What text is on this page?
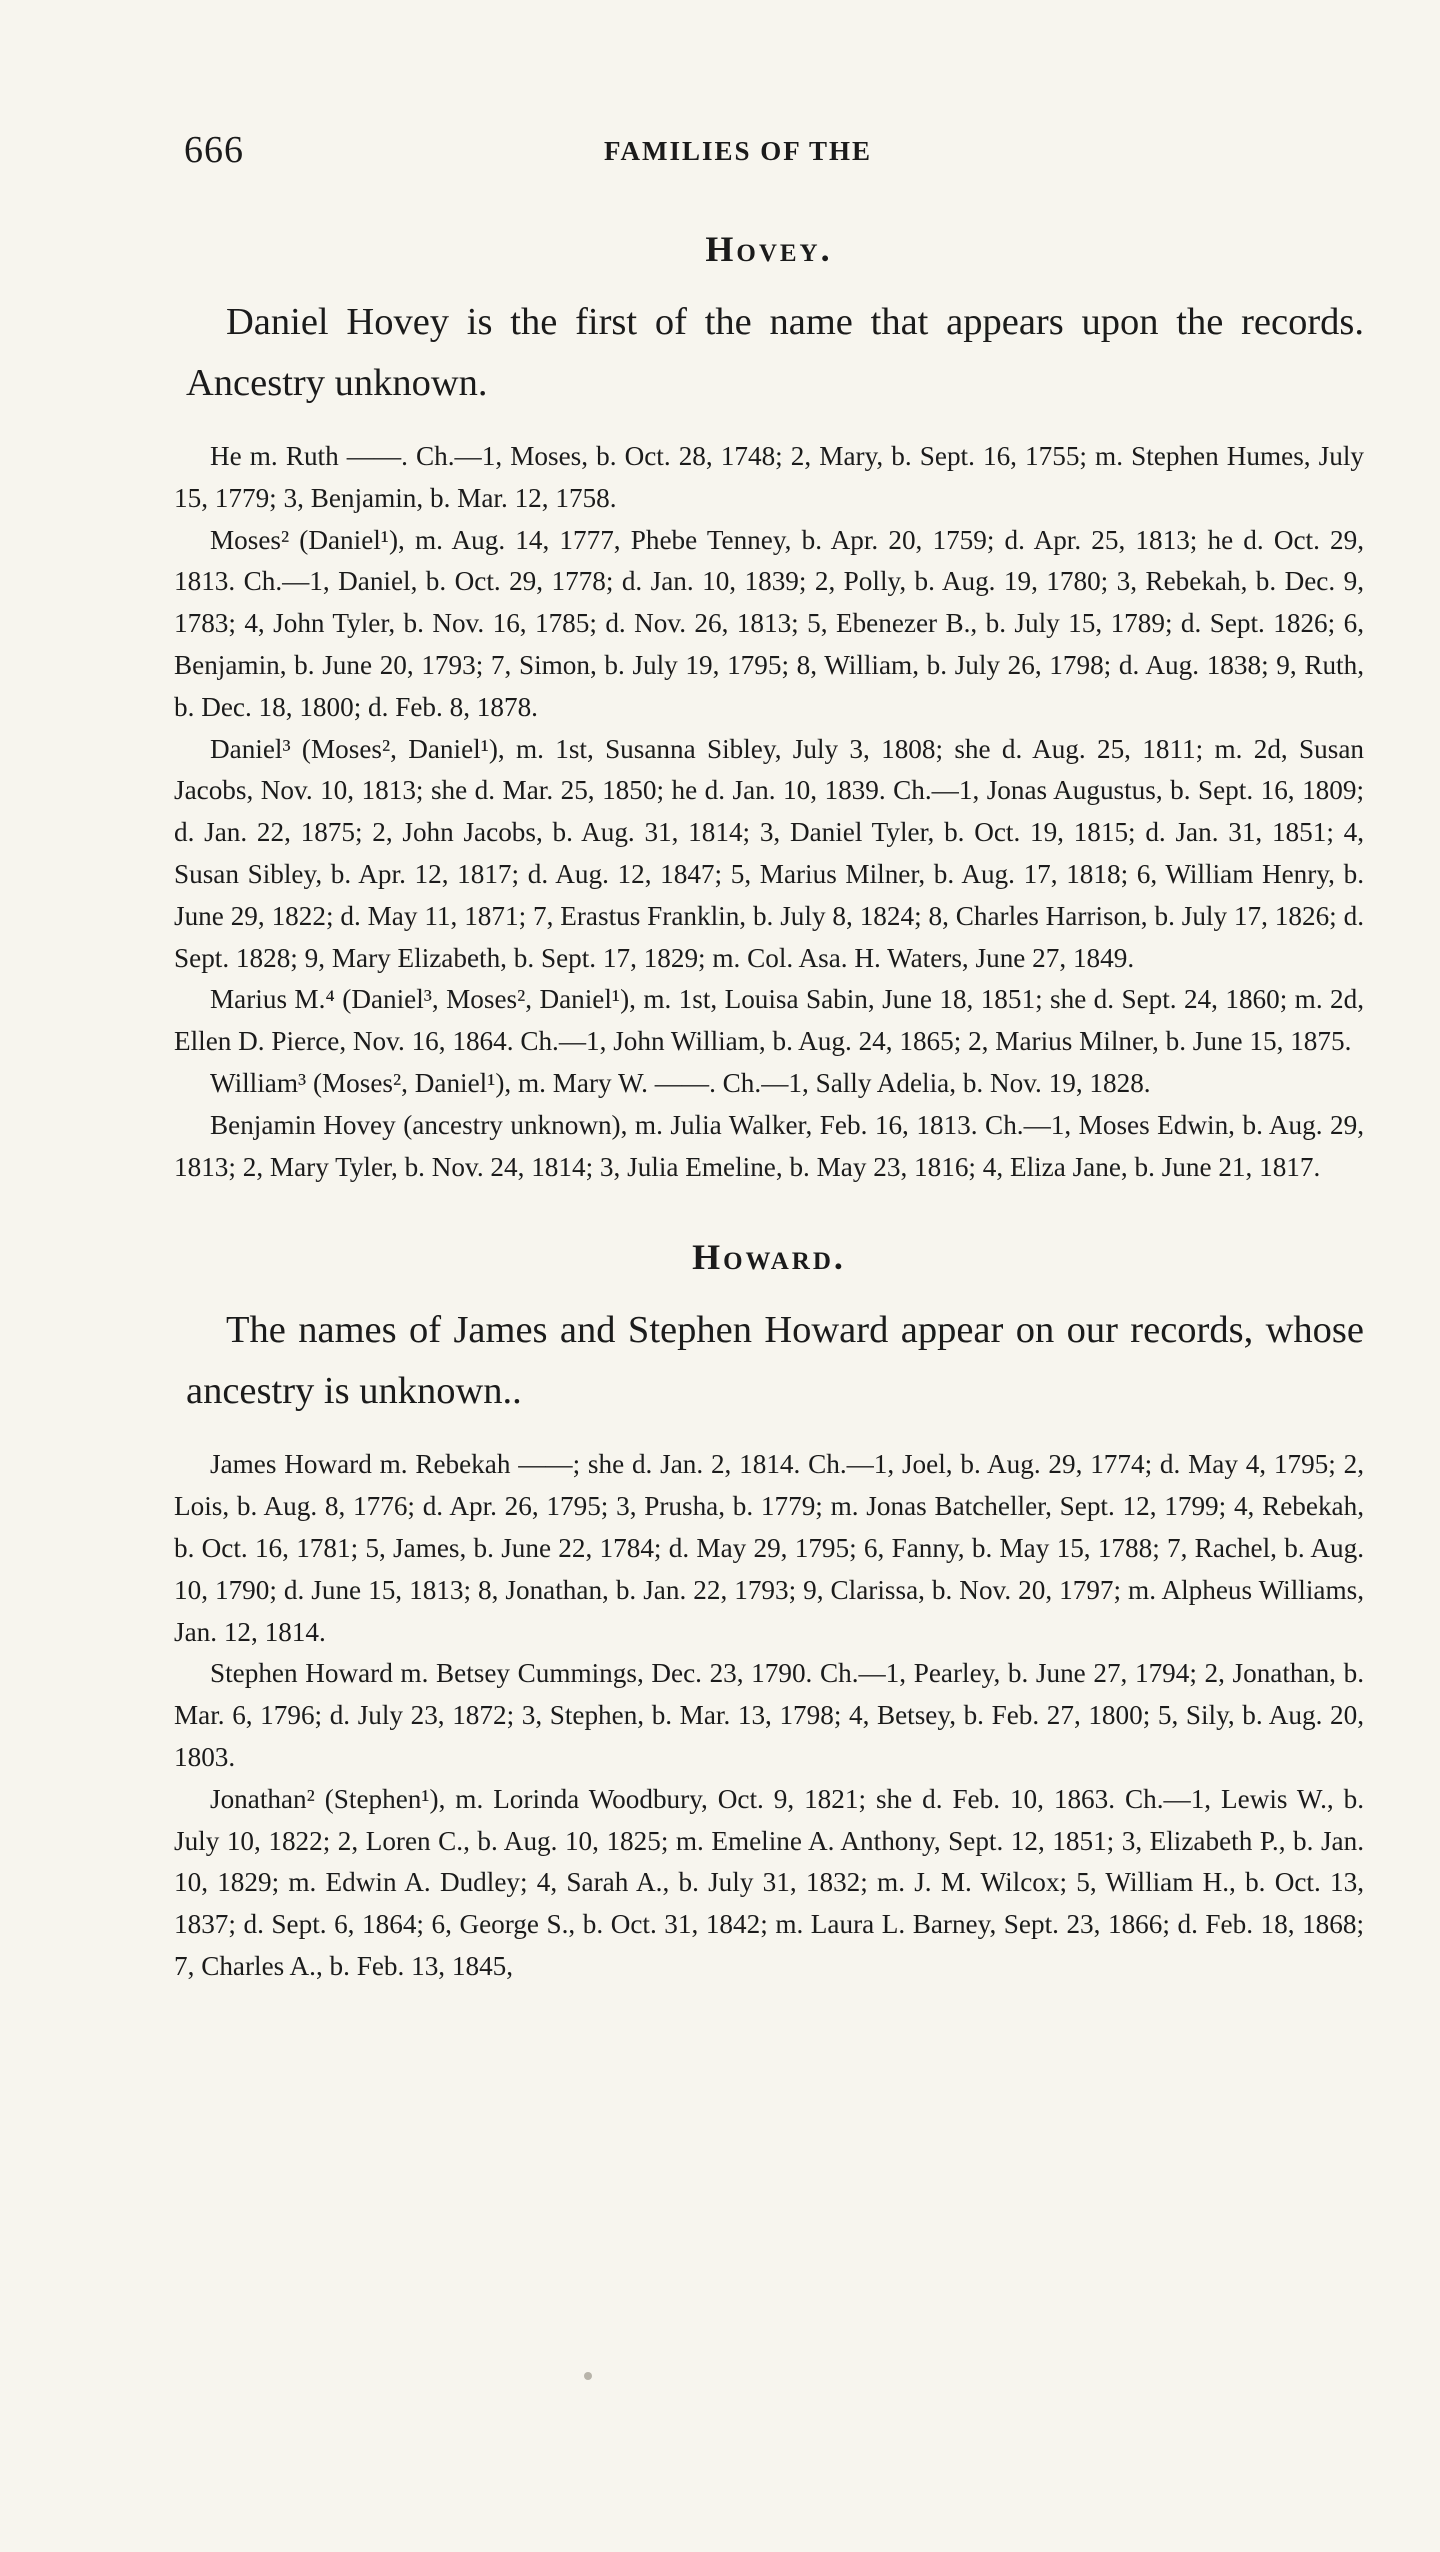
666	FAMILIES OF THE
Hovey.

Daniel Hovey is the first of the name that appears upon the records. Ancestry unknown.

He m. Ruth ——. Ch.—1, Moses, b. Oct. 28, 1748; 2, Mary, b. Sept. 16, 1755; m. Stephen Humes, July 15, 1779; 3, Benjamin, b. Mar. 12, 1758.

Moses² (Daniel¹), m. Aug. 14, 1777, Phebe Tenney, b. Apr. 20, 1759; d. Apr. 25, 1813; he d. Oct. 29, 1813. Ch.—1, Daniel, b. Oct. 29, 1778; d. Jan. 10, 1839; 2, Polly, b. Aug. 19, 1780; 3, Rebekah, b. Dec. 9, 1783; 4, John Tyler, b. Nov. 16, 1785; d. Nov. 26, 1813; 5, Ebenezer B., b. July 15, 1789; d. Sept. 1826; 6, Benjamin, b. June 20, 1793; 7, Simon, b. July 19, 1795; 8, William, b. July 26, 1798; d. Aug. 1838; 9, Ruth, b. Dec. 18, 1800; d. Feb. 8, 1878.

Daniel³ (Moses², Daniel¹), m. 1st, Susanna Sibley, July 3, 1808; she d. Aug. 25, 1811; m. 2d, Susan Jacobs, Nov. 10, 1813; she d. Mar. 25, 1850; he d. Jan. 10, 1839. Ch.—1, Jonas Augustus, b. Sept. 16, 1809; d. Jan. 22, 1875; 2, John Jacobs, b. Aug. 31, 1814; 3, Daniel Tyler, b. Oct. 19, 1815; d. Jan. 31, 1851; 4, Susan Sibley, b. Apr. 12, 1817; d. Aug. 12, 1847; 5, Marius Milner, b. Aug. 17, 1818; 6, William Henry, b. June 29, 1822; d. May 11, 1871; 7, Erastus Franklin, b. July 8, 1824; 8, Charles Harrison, b. July 17, 1826; d. Sept. 1828; 9, Mary Elizabeth, b. Sept. 17, 1829; m. Col. Asa. H. Waters, June 27, 1849.

Marius M.⁴ (Daniel³, Moses², Daniel¹), m. 1st, Louisa Sabin, June 18, 1851; she d. Sept. 24, 1860; m. 2d, Ellen D. Pierce, Nov. 16, 1864. Ch.—1, John William, b. Aug. 24, 1865; 2, Marius Milner, b. June 15, 1875.

William³ (Moses², Daniel¹), m. Mary W. ——. Ch.—1, Sally Adelia, b. Nov. 19, 1828.

Benjamin Hovey (ancestry unknown), m. Julia Walker, Feb. 16, 1813. Ch.—1, Moses Edwin, b. Aug. 29, 1813; 2, Mary Tyler, b. Nov. 24, 1814; 3, Julia Emeline, b. May 23, 1816; 4, Eliza Jane, b. June 21, 1817.

Howard.

The names of James and Stephen Howard appear on our records, whose ancestry is unknown..

James Howard m. Rebekah ——; she d. Jan. 2, 1814. Ch.—1, Joel, b. Aug. 29, 1774; d. May 4, 1795; 2, Lois, b. Aug. 8, 1776; d. Apr. 26, 1795; 3, Prusha, b. 1779; m. Jonas Batcheller, Sept. 12, 1799; 4, Rebekah, b. Oct. 16, 1781; 5, James, b. June 22, 1784; d. May 29, 1795; 6, Fanny, b. May 15, 1788; 7, Rachel, b. Aug. 10, 1790; d. June 15, 1813; 8, Jonathan, b. Jan. 22, 1793; 9, Clarissa, b. Nov. 20, 1797; m. Alpheus Williams, Jan. 12, 1814.

Stephen Howard m. Betsey Cummings, Dec. 23, 1790. Ch.—1, Pearley, b. June 27, 1794; 2, Jonathan, b. Mar. 6, 1796; d. July 23, 1872; 3, Stephen, b. Mar. 13, 1798; 4, Betsey, b. Feb. 27, 1800; 5, Sily, b. Aug. 20, 1803.

Jonathan² (Stephen¹), m. Lorinda Woodbury, Oct. 9, 1821; she d. Feb. 10, 1863. Ch.—1, Lewis W., b. July 10, 1822; 2, Loren C., b. Aug. 10, 1825; m. Emeline A. Anthony, Sept. 12, 1851; 3, Elizabeth P., b. Jan. 10, 1829; m. Edwin A. Dudley; 4, Sarah A., b. July 31, 1832; m. J. M. Wilcox; 5, William H., b. Oct. 13, 1837; d. Sept. 6, 1864; 6, George S., b. Oct. 31, 1842; m. Laura L. Barney, Sept. 23, 1866; d. Feb. 18, 1868; 7, Charles A., b. Feb. 13, 1845,
